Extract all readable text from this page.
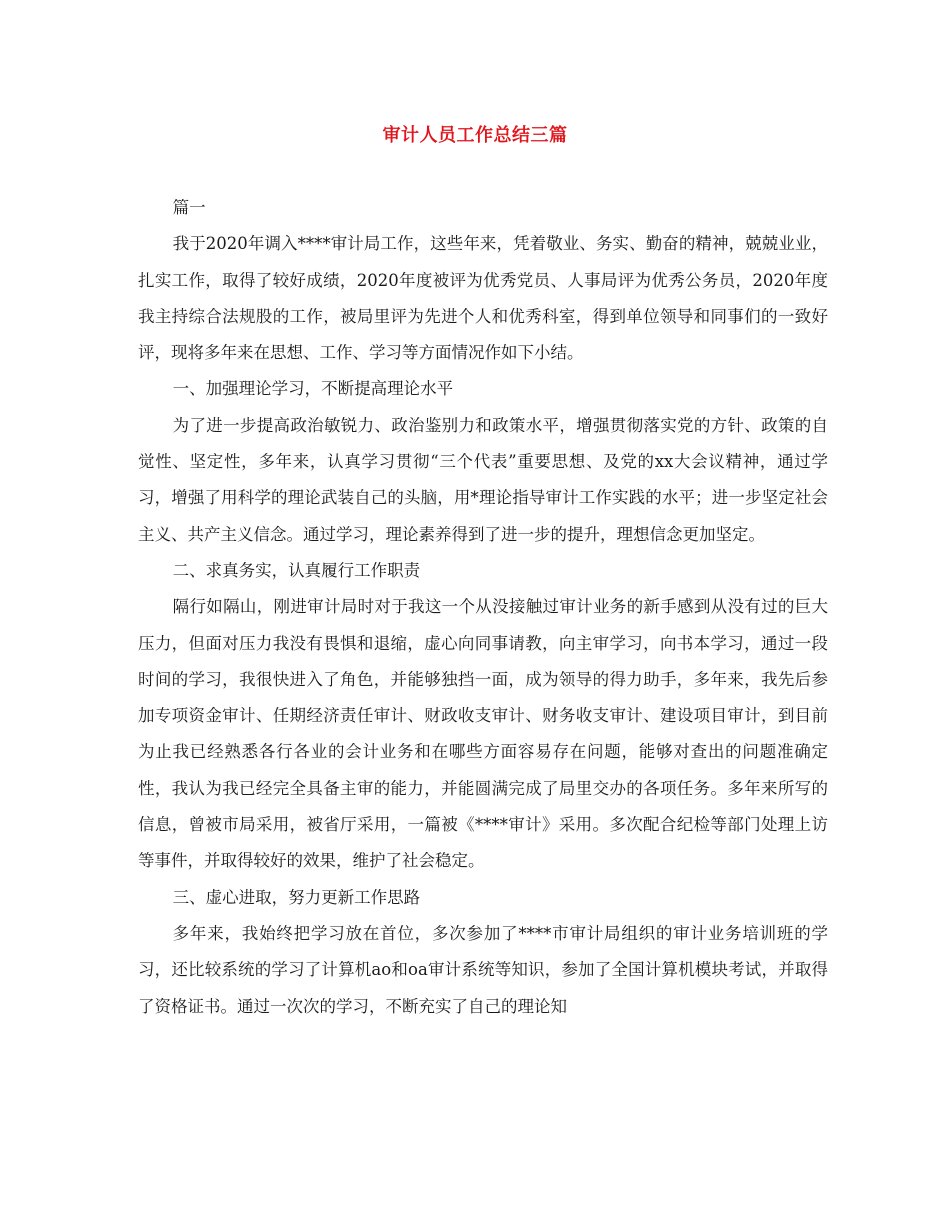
审计人员工作总结三篇

篇一

我于2020年调入****审计局工作，这些年来，凭着敬业、务实、勤奋的精神，兢兢业业，扎实工作，取得了较好成绩，2020年度被评为优秀党员、人事局评为优秀公务员，2020年度我主持综合法规股的工作，被局里评为先进个人和优秀科室，得到单位领导和同事们的一致好评，现将多年来在思想、工作、学习等方面情况作如下小结。

一、加强理论学习，不断提高理论水平

为了进一步提高政治敏锐力、政治鉴别力和政策水平，增强贯彻落实党的方针、政策的自觉性、坚定性，多年来，认真学习贯彻“三个代表”重要思想、及党的xx大会议精神，通过学习，增强了用科学的理论武装自己的头脑，用*理论指导审计工作实践的水平；进一步坚定社会主义、共产主义信念。通过学习，理论素养得到了进一步的提升，理想信念更加坚定。

二、求真务实，认真履行工作职责

隔行如隔山，刚进审计局时对于我这一个从没接触过审计业务的新手感到从没有过的巨大压力，但面对压力我没有畏惧和退缩，虚心向同事请教，向主审学习，向书本学习，通过一段时间的学习，我很快进入了角色，并能够独挡一面，成为领导的得力助手，多年来，我先后参加专项资金审计、任期经济责任审计、财政收支审计、财务收支审计、建设项目审计，到目前为止我已经熟悉各行各业的会计业务和在哪些方面容易存在问题，能够对查出的问题准确定性，我认为我已经完全具备主审的能力，并能圆满完成了局里交办的各项任务。多年来所写的信息，曾被市局采用，被省厅采用，一篇被《****审计》采用。多次配合纪检等部门处理上访等事件，并取得较好的效果，维护了社会稳定。

三、虚心进取，努力更新工作思路

多年来，我始终把学习放在首位，多次参加了****市审计局组织的审计业务培训班的学习，还比较系统的学习了计算机ao和oa审计系统等知识，参加了全国计算机模块考试，并取得了资格证书。通过一次次的学习，不断充实了自己的理论知
